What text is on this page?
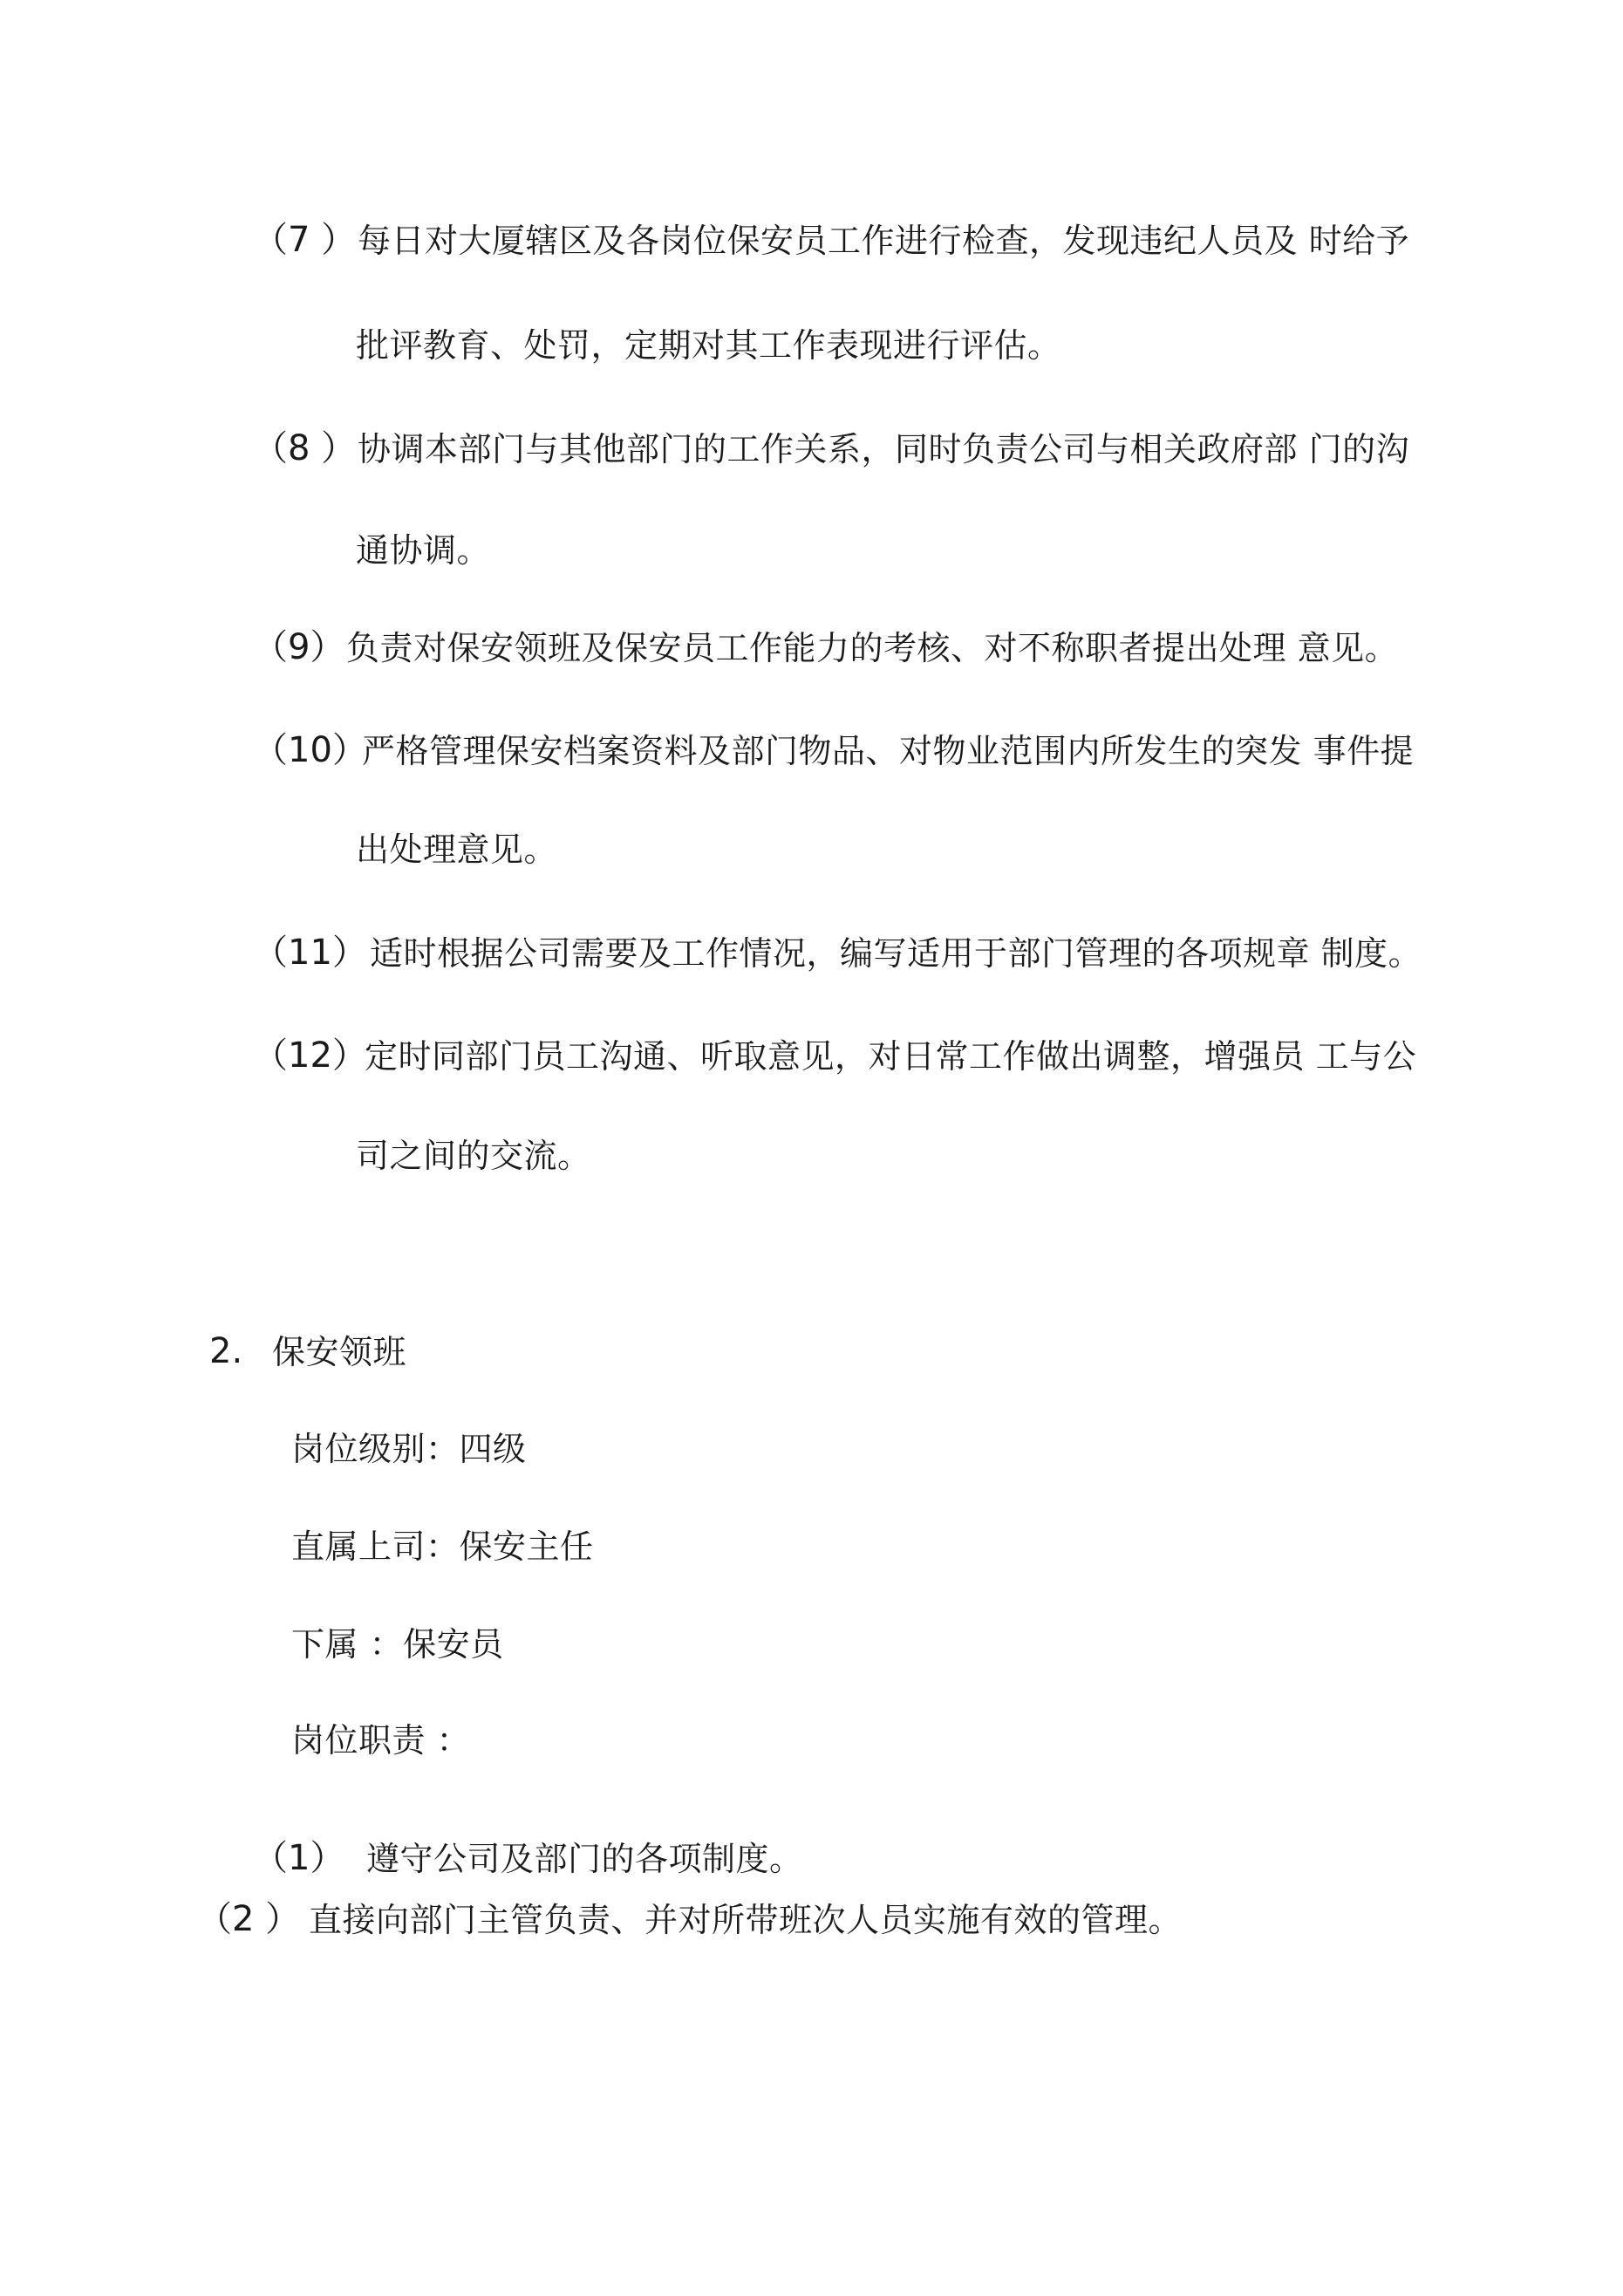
（7 ） 每日对大厦辖区及各岗位保安员工作进行检查，发现违纪人员及 时给予
批评教育、处罚，定期对其工作表现进行评估。
（8 ） 协调本部门与其他部门的工作关系，同时负责公司与相关政府部 门的沟
通协调。
（9） 负责对保安领班及保安员工作能力的考核、对不称职者提出处理 意见。
（10）
严格管理保安档案资料及部门物品、对物业范围内所发生的突发 事件提
出处理意见。
（11） 适时根据公司需要及工作情况，编写适用于部门管理的各项规章 制度。
（12）
定时同部门员工沟通、听取意见，对日常工作做出调整，增强员 工与公
司之间的交流。
2. 保安领班
岗位级别：四级
直属上司：保安主任
下属 ：保安员
岗位职责 ：
（1） 遵守公司及部门的各项制度。
（2 ） 直接向部门主管负责、并对所带班次人员实施有效的管理。
